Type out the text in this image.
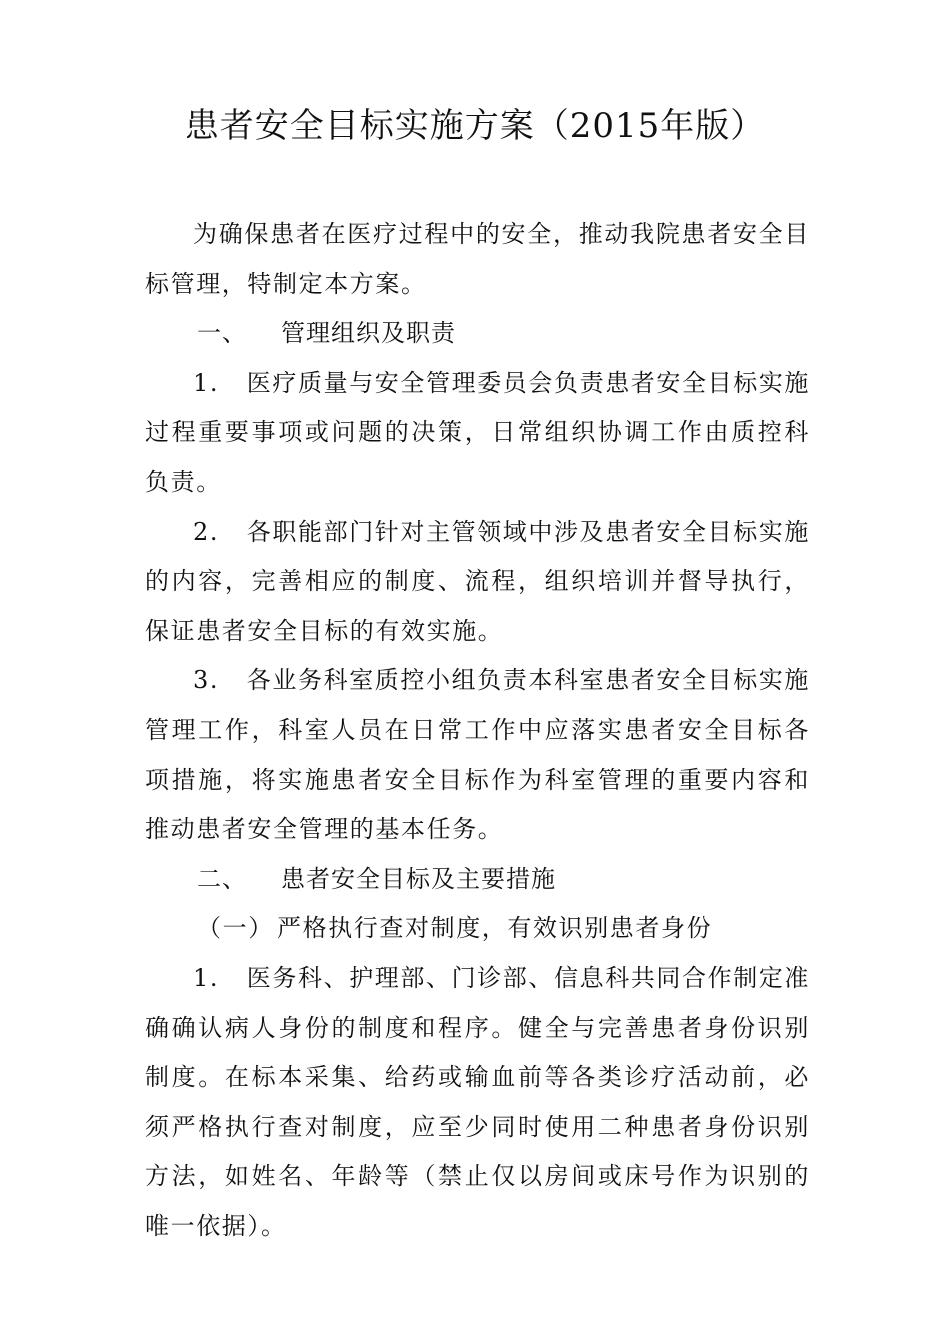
患者安全目标实施方案（2015年版）

为确保患者在医疗过程中的安全，推动我院患者安全目标管理，特制定本方案。

一、 管理组织及职责

1. 医疗质量与安全管理委员会负责患者安全目标实施过程重要事项或问题的决策，日常组织协调工作由质控科负责。

2. 各职能部门针对主管领域中涉及患者安全目标实施的内容，完善相应的制度、流程，组织培训并督导执行，保证患者安全目标的有效实施。

3. 各业务科室质控小组负责本科室患者安全目标实施管理工作，科室人员在日常工作中应落实患者安全目标各项措施，将实施患者安全目标作为科室管理的重要内容和推动患者安全管理的基本任务。

二、 患者安全目标及主要措施
（一） 严格执行查对制度，有效识别患者身份

1. 医务科、护理部、门诊部、信息科共同合作制定准确确认病人身份的制度和程序。健全与完善患者身份识别制度。在标本采集、给药或输血前等各类诊疗活动前，必须严格执行查对制度，应至少同时使用二种患者身份识别方法，如姓名、年龄等（禁止仅以房间或床号作为识别的唯一依据）。
